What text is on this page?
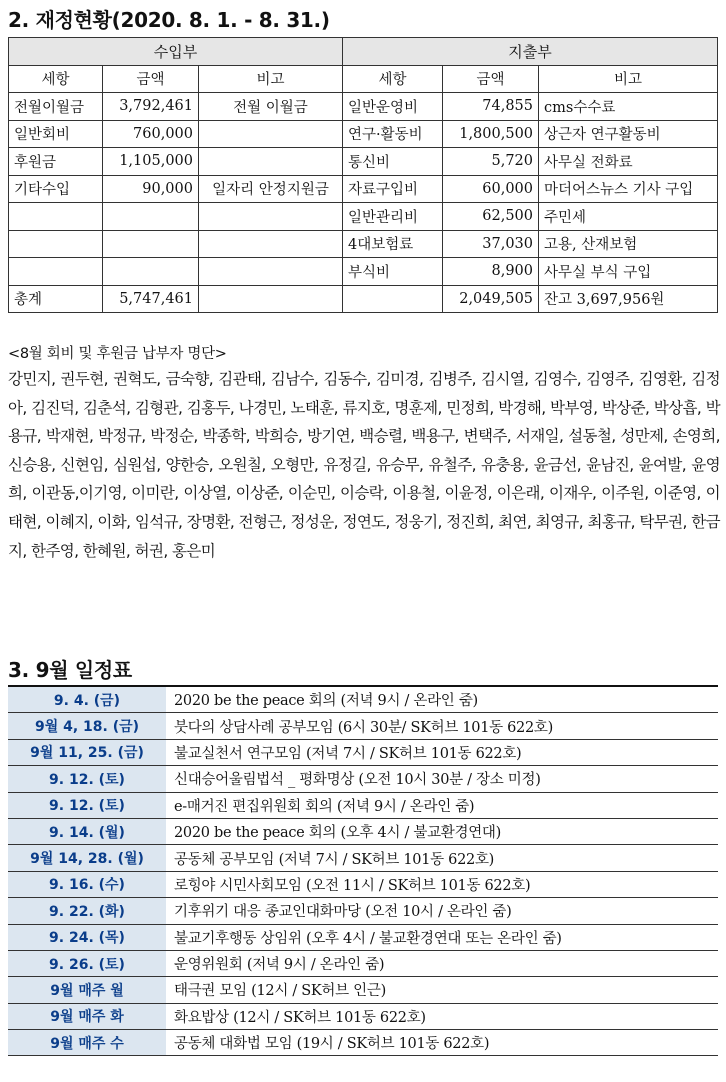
2. 재정현황(2020. 8. 1. - 8. 31.)
수입부			지출부		
세항	금액	비고	세항	금액	비고
전월이월금	3,792,461	전월 이월금	일반운영비	74,855	cms수수료
일반회비	760,000		연구·활동비	1,800,500	상근자 연구활동비
후원금	1,105,000		통신비	5,720	사무실 전화료
기타수입	90,000	일자리 안정지원금	자료구입비	60,000	마더어스뉴스 기사 구입
			일반관리비	62,500	주민세
			4대보험료	37,030	고용, 산재보험
			부식비	8,900	사무실 부식 구입
총계	5,747,461			2,049,505	잔고 3,697,956원

<8월 회비 및 후원금 납부자 명단>

강민지, 권두현, 권혁도, 금숙향, 김관태, 김남수, 김동수, 김미경, 김병주, 김시열, 김영수, 김영주, 김영환, 김정아, 김진덕, 김춘석, 김형관, 김홍두, 나경민, 노태훈, 류지호, 명훈제, 민정희, 박경해, 박부영, 박상준, 박상흡, 박용규, 박재현, 박정규, 박정순, 박종학, 박희승, 방기연, 백승렬, 백용구, 변택주, 서재일, 설동철, 성만제, 손영희, 신승용, 신현임, 심원섭, 양한승, 오원칠, 오형만, 유정길, 유승무, 유철주, 유충용, 윤금선, 윤남진, 윤여발, 윤영희, 이관동,이기영, 이미란, 이상열, 이상준, 이순민, 이승락, 이용철, 이윤정, 이은래, 이재우, 이주원, 이준영, 이태현, 이혜지, 이화, 임석규, 장명환, 전형근, 정성운, 정연도, 정웅기, 정진희, 최연, 최영규, 최홍규, 탁무권, 한금지, 한주영, 한혜원, 허권, 홍은미

3. 9월 일정표
9. 4. (금)	2020 be the peace 회의 (저녁 9시 / 온라인 줌)
9월 4, 18. (금)	붓다의 상담사례 공부모임 (6시 30분/ SK허브 101동 622호)
9월 11, 25. (금)	불교실천서 연구모임 (저녁 7시 / SK허브 101동 622호)
9. 12. (토)	신대승어울림법석 _ 평화명상 (오전 10시 30분 / 장소 미정)
9. 12. (토)	e-매거진 편집위원회 회의 (저녁 9시 / 온라인 줌)
9. 14. (월)	2020 be the peace 회의 (오후 4시 / 불교환경연대)
9월 14, 28. (월)	공동체 공부모임 (저녁 7시 / SK허브 101동 622호)
9. 16. (수)	로힝야 시민사회모임 (오전 11시 / SK허브 101동 622호)
9. 22. (화)	기후위기 대응 종교인대화마당 (오전 10시 / 온라인 줌)
9. 24. (목)	불교기후행동 상임위 (오후 4시 / 불교환경연대 또는 온라인 줌)
9. 26. (토)	운영위원회 (저녁 9시 / 온라인 줌)
9월 매주 월	태극권 모임 (12시 / SK허브 인근)
9월 매주 화	화요밥상 (12시 / SK허브 101동 622호)
9월 매주 수	공동체 대화법 모임 (19시 / SK허브 101동 622호)
